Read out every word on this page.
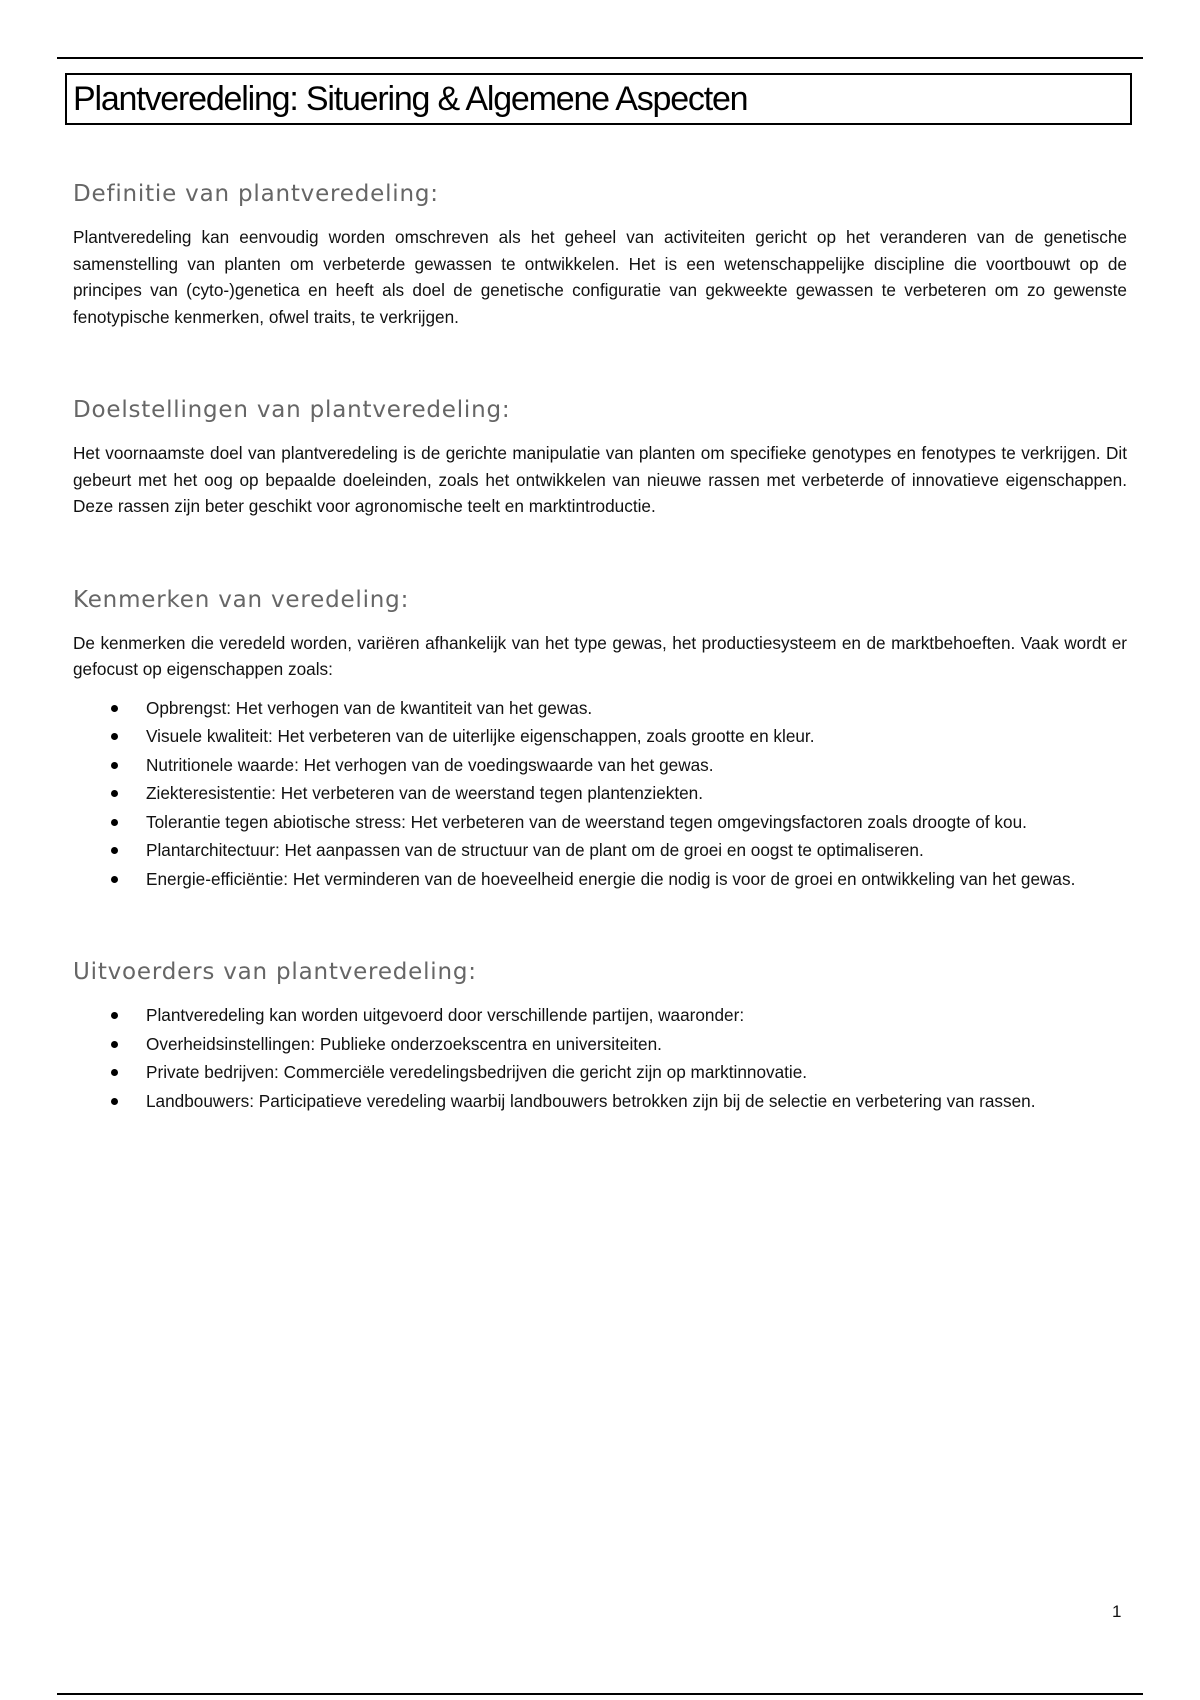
Plantveredeling: Situering & Algemene Aspecten
Definitie van plantveredeling:

Plantveredeling kan eenvoudig worden omschreven als het geheel van activiteiten gericht op het veranderen van de genetische samenstelling van planten om verbeterde gewassen te ontwikkelen. Het is een wetenschappelijke discipline die voortbouwt op de principes van (cyto-)genetica en heeft als doel de genetische configuratie van gekweekte gewassen te verbeteren om zo gewenste fenotypische kenmerken, ofwel traits, te verkrijgen.

Doelstellingen van plantveredeling:

Het voornaamste doel van plantveredeling is de gerichte manipulatie van planten om specifieke genotypes en fenotypes te verkrijgen. Dit gebeurt met het oog op bepaalde doeleinden, zoals het ontwikkelen van nieuwe rassen met verbeterde of innovatieve eigenschappen. Deze rassen zijn beter geschikt voor agronomische teelt en marktintroductie.

Kenmerken van veredeling:

De kenmerken die veredeld worden, variëren afhankelijk van het type gewas, het productiesysteem en de marktbehoeften. Vaak wordt er gefocust op eigenschappen zoals:

Opbrengst: Het verhogen van de kwantiteit van het gewas.
Visuele kwaliteit: Het verbeteren van de uiterlijke eigenschappen, zoals grootte en kleur.
Nutritionele waarde: Het verhogen van de voedingswaarde van het gewas.
Ziekteresistentie: Het verbeteren van de weerstand tegen plantenziekten.
Tolerantie tegen abiotische stress: Het verbeteren van de weerstand tegen omgevingsfactoren zoals droogte of kou.
Plantarchitectuur: Het aanpassen van de structuur van de plant om de groei en oogst te optimaliseren.
Energie-efficiëntie: Het verminderen van de hoeveelheid energie die nodig is voor de groei en ontwikkeling van het gewas.
Uitvoerders van plantveredeling:
Plantveredeling kan worden uitgevoerd door verschillende partijen, waaronder:
Overheidsinstellingen: Publieke onderzoekscentra en universiteiten.
Private bedrijven: Commerciële veredelingsbedrijven die gericht zijn op marktinnovatie.
Landbouwers: Participatieve veredeling waarbij landbouwers betrokken zijn bij de selectie en verbetering van rassen.
1
